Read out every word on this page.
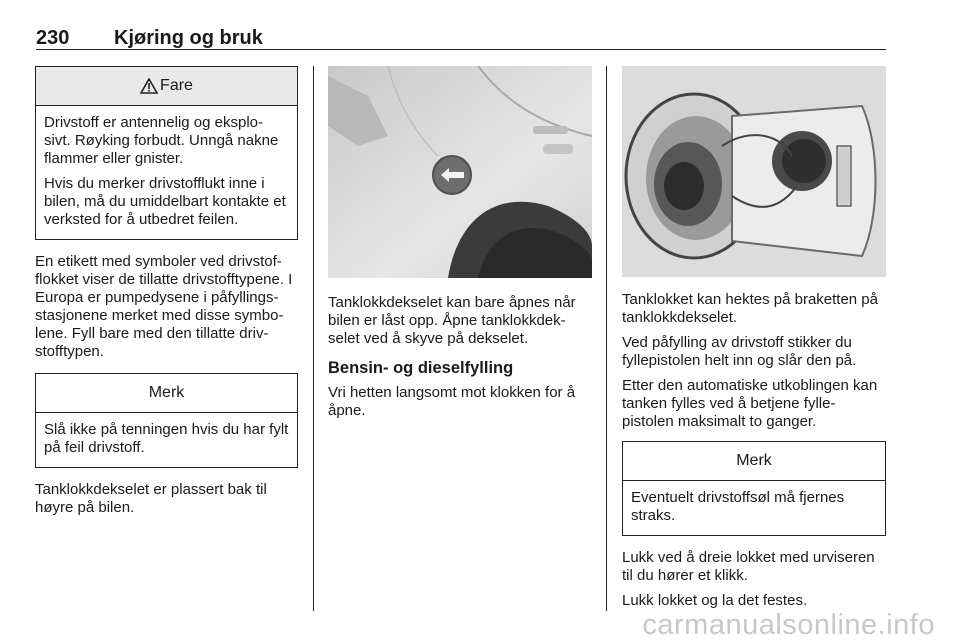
230 Kjøring og bruk
Fare

Drivstoff er antennelig og eksplo-sivt. Røyking forbudt. Unngå nakne flammer eller gnister.

Hvis du merker drivstofflukt inne i bilen, må du umiddelbart kontakte et verksted for å utbedret feilen.

En etikett med symboler ved drivstof-flokket viser de tillatte drivstofftypene. I Europa er pumpedysene i påfyllings-stasjonene merket med disse symbo-lene. Fyll bare med den tillatte driv-stofftypen.

Merk

Slå ikke på tenningen hvis du har fylt på feil drivstoff.

Tanklokkdekselet er plassert bak til høyre på bilen.

Tanklokkdekselet kan bare åpnes når bilen er låst opp. Åpne tanklokkdek-selet ved å skyve på dekselet.

Bensin- og dieselfylling

Vri hetten langsomt mot klokken for å åpne.

Tanklokket kan hektes på braketten på tanklokkdekselet.

Ved påfylling av drivstoff stikker du fyllepistolen helt inn og slår den på.

Etter den automatiske utkoblingen kan tanken fylles ved å betjene fylle-pistolen maksimalt to ganger.

Merk

Eventuelt drivstoffsøl må fjernes straks.

Lukk ved å dreie lokket med urviseren til du hører et klikk.

Lukk lokket og la det festes.

carmanualsonline.info
